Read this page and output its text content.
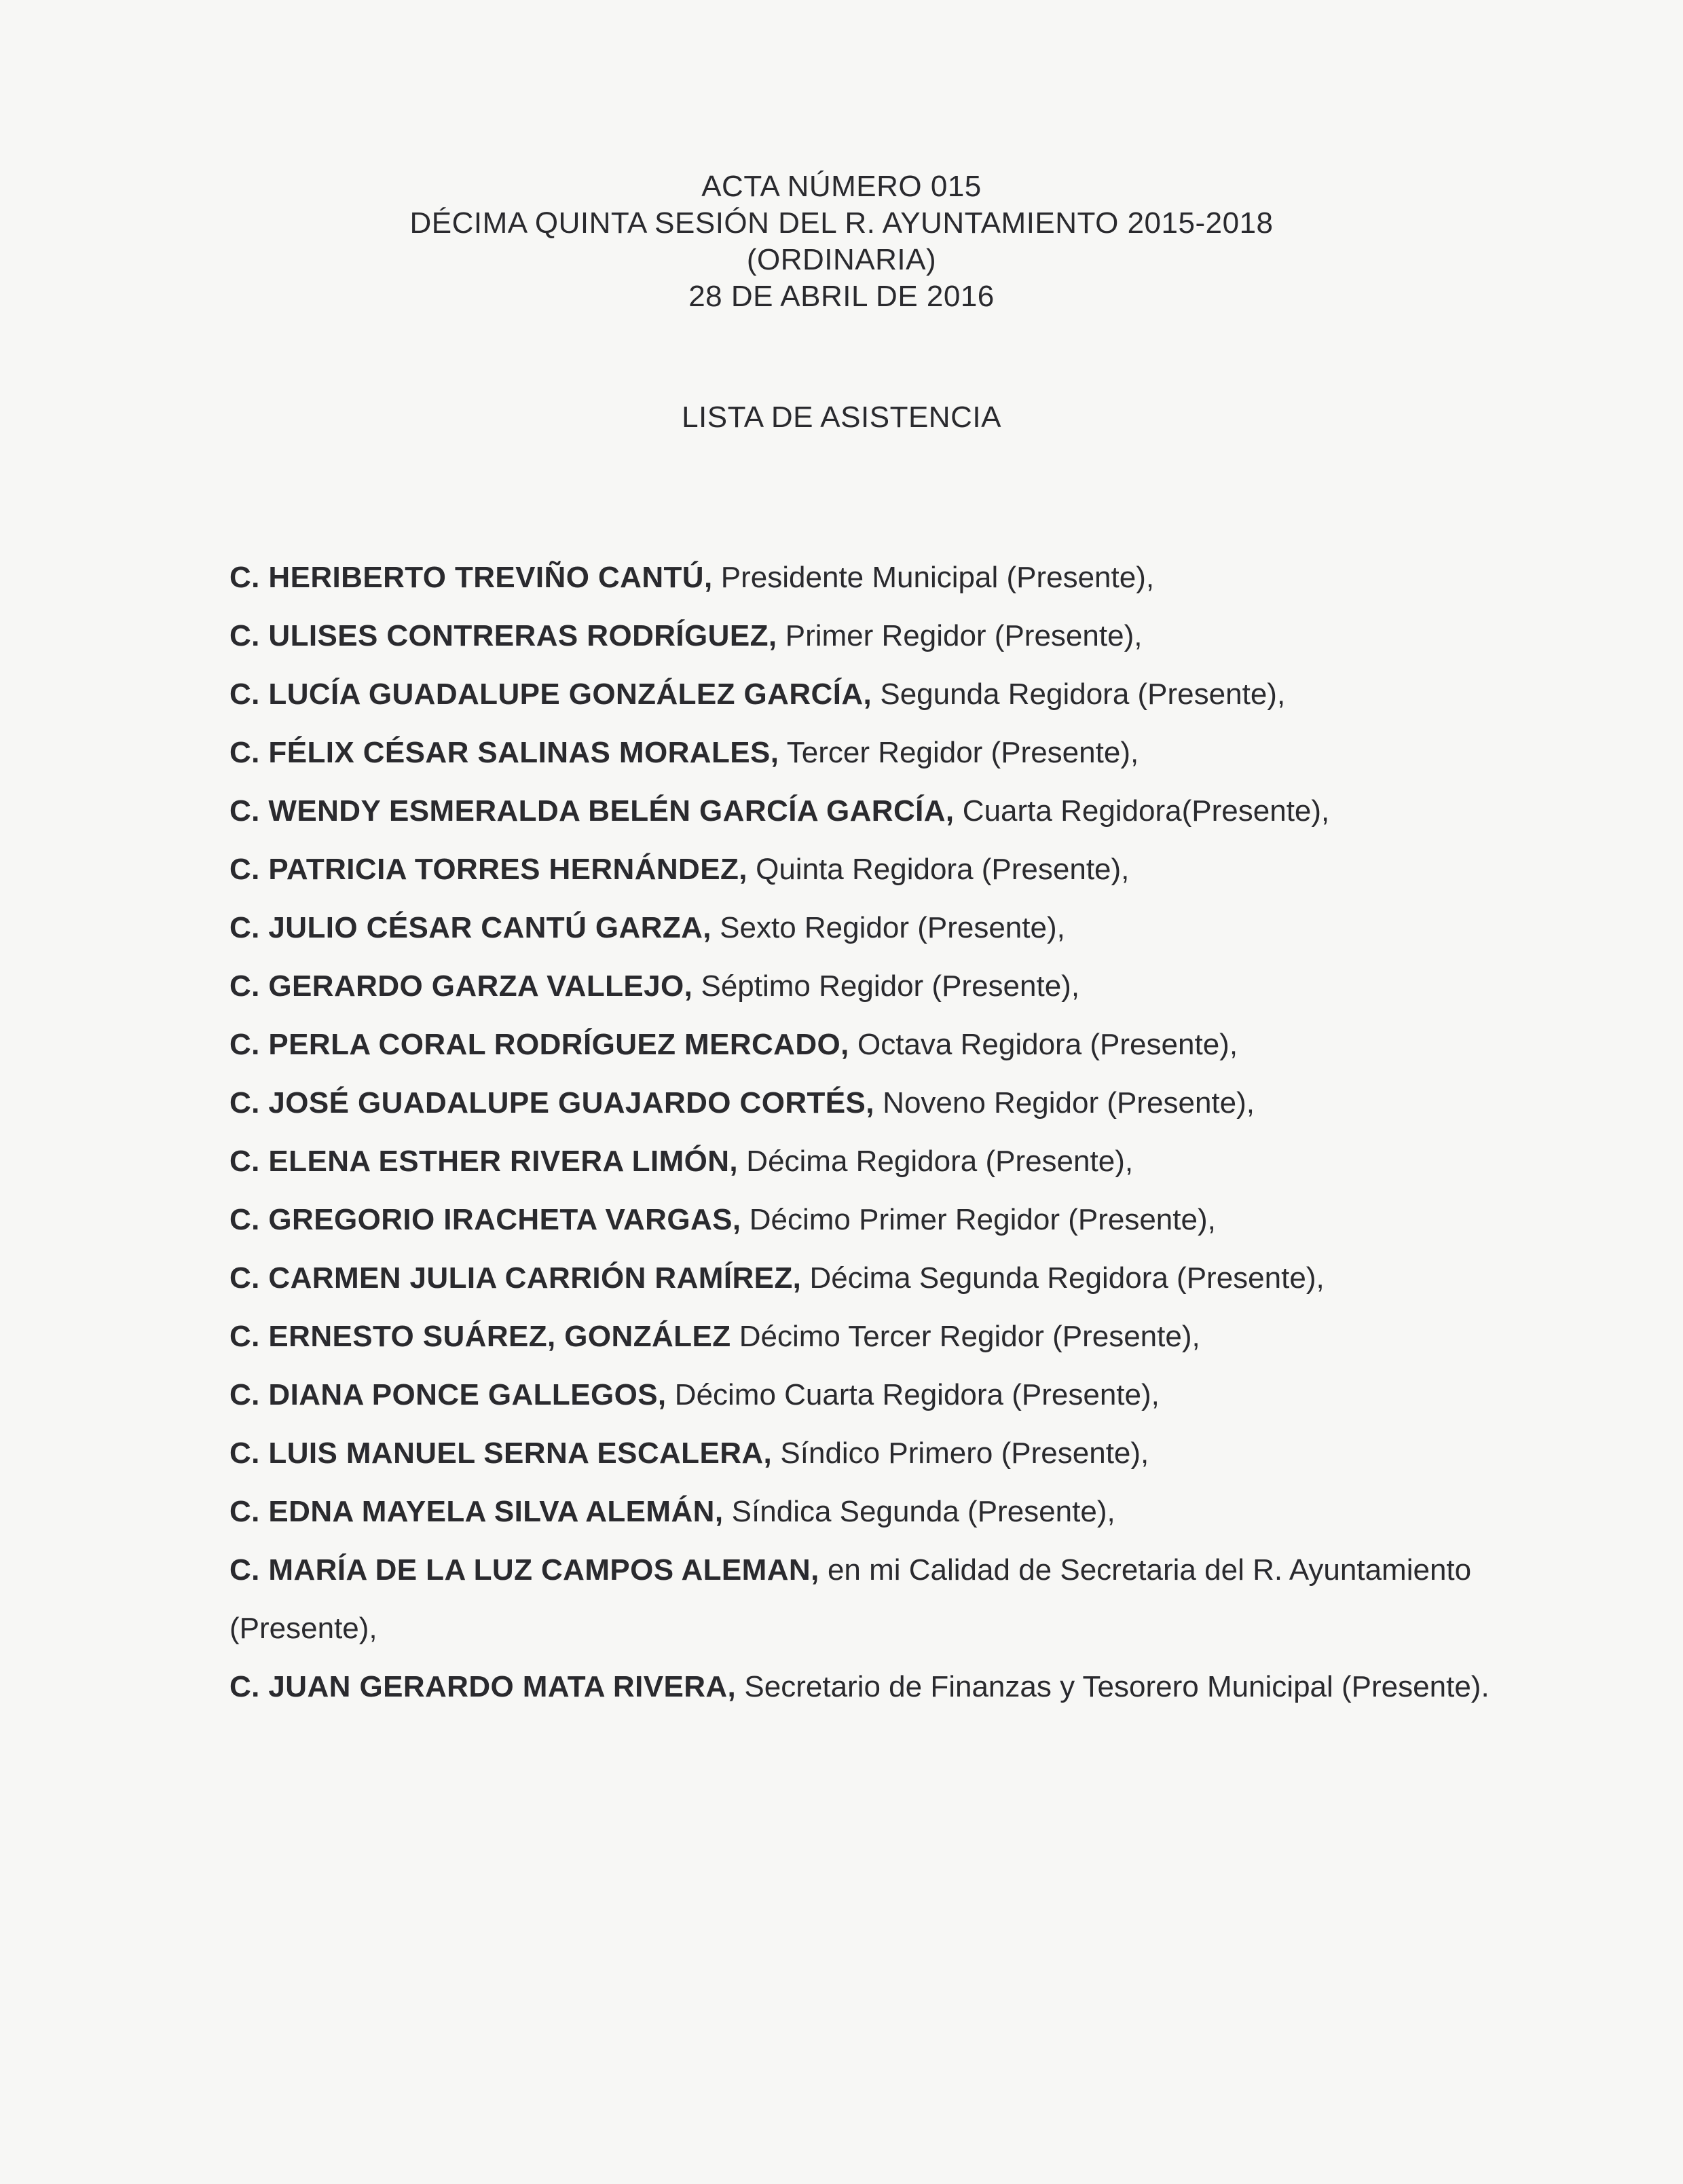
ACTA NÚMERO 015
DÉCIMA QUINTA SESIÓN DEL R. AYUNTAMIENTO 2015-2018
(ORDINARIA)
28 DE ABRIL DE 2016
LISTA DE ASISTENCIA
C. HERIBERTO TREVIÑO CANTÚ, Presidente Municipal (Presente),
C. ULISES CONTRERAS RODRÍGUEZ, Primer Regidor (Presente),
C. LUCÍA GUADALUPE GONZÁLEZ GARCÍA, Segunda Regidora (Presente),
C. FÉLIX CÉSAR SALINAS MORALES, Tercer Regidor (Presente),
C. WENDY ESMERALDA BELÉN GARCÍA GARCÍA, Cuarta Regidora(Presente),
C. PATRICIA TORRES HERNÁNDEZ, Quinta Regidora (Presente),
C. JULIO CÉSAR CANTÚ GARZA, Sexto Regidor (Presente),
C. GERARDO GARZA VALLEJO, Séptimo Regidor (Presente),
C. PERLA CORAL RODRÍGUEZ MERCADO, Octava Regidora (Presente),
C. JOSÉ GUADALUPE GUAJARDO CORTÉS, Noveno Regidor (Presente),
C. ELENA ESTHER RIVERA LIMÓN, Décima Regidora (Presente),
C. GREGORIO IRACHETA VARGAS, Décimo Primer Regidor (Presente),
C. CARMEN JULIA CARRIÓN RAMÍREZ, Décima Segunda Regidora (Presente),
C. ERNESTO SUÁREZ, GONZÁLEZ Décimo Tercer Regidor (Presente),
C. DIANA PONCE GALLEGOS, Décimo Cuarta Regidora (Presente),
C. LUIS MANUEL SERNA ESCALERA, Síndico Primero (Presente),
C. EDNA MAYELA SILVA ALEMÁN, Síndica Segunda (Presente),
C. MARÍA DE LA LUZ CAMPOS ALEMAN, en mi Calidad de Secretaria del R. Ayuntamiento (Presente),
C. JUAN GERARDO MATA RIVERA, Secretario de Finanzas y Tesorero Municipal (Presente).
